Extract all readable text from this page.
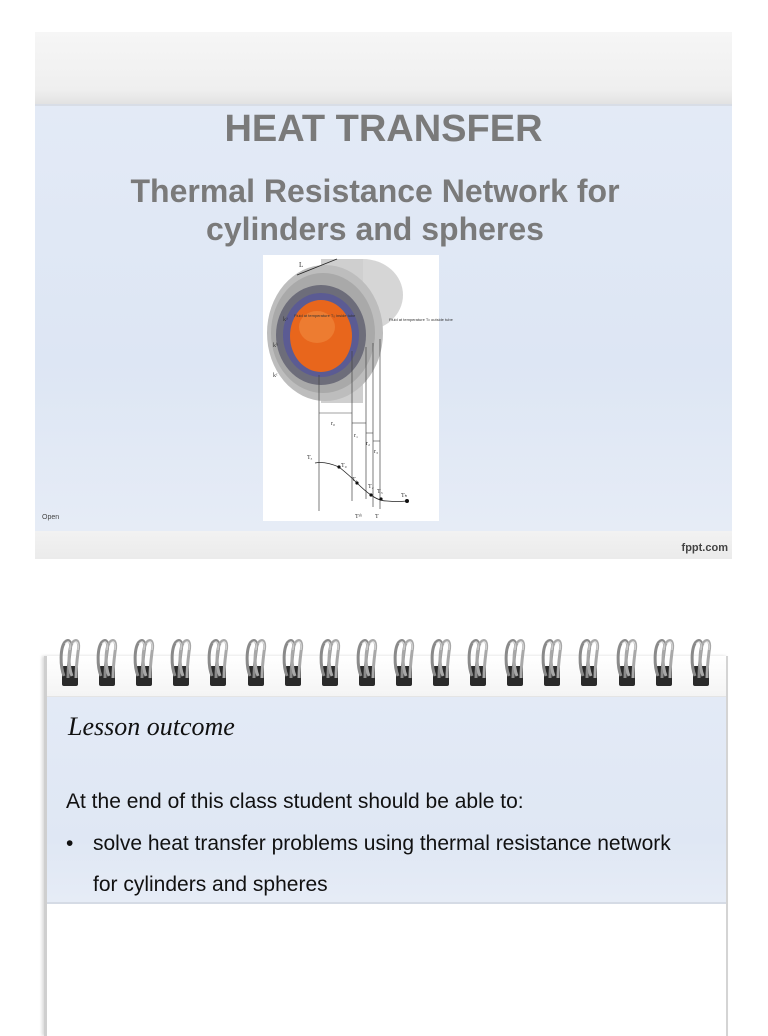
HEAT TRANSFER
Thermal Resistance Network for cylinders and spheres
L
Fluid at temperature T₀ inside tube
Fluid at temperature Tₕ outside tube
kᵃ
kᵇ
kᶜ
r₀
r₁
r₂
r₃
Tₐ
T₀
T₁
T₂
T₃
Tₕ
Tᵃᵇ T
Open
fppt.com
Lesson outcome
At the end of this class student should be able to:
• solve heat transfer problems using thermal resistance network for cylinders and spheres
